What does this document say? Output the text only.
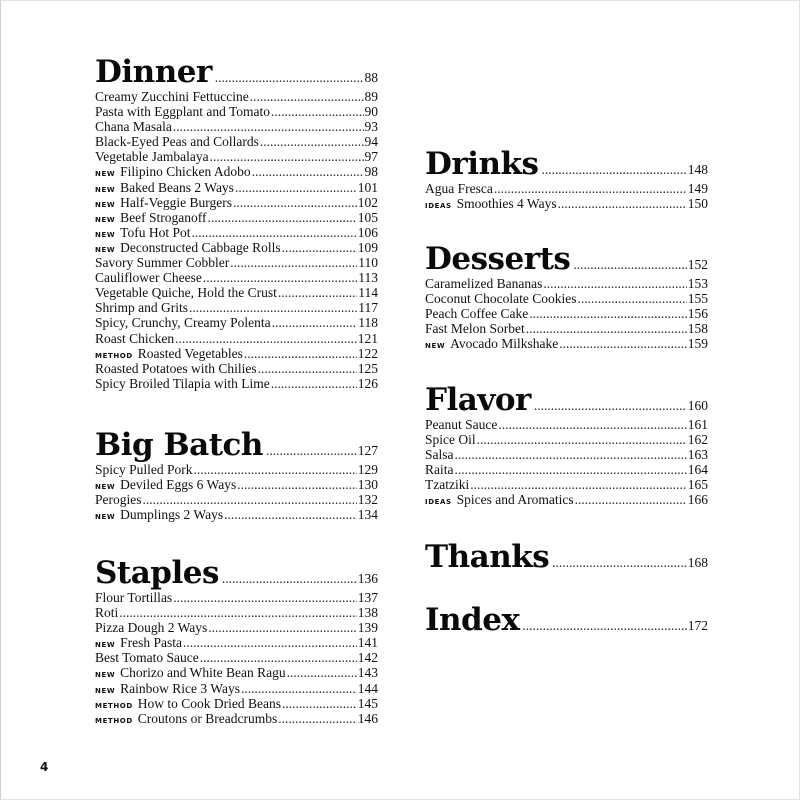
Dinner .....	88
Creamy Zucchini Fettuccine .....	89
Pasta with Eggplant and Tomato .....	90
Chana Masala .....	93
Black-Eyed Peas and Collards .....	94
Vegetable Jambalaya .....	97
NEW Filipino Chicken Adobo .....	98
NEW Baked Beans 2 Ways .....	101
NEW Half-Veggie Burgers .....	102
NEW Beef Stroganoff .....	105
NEW Tofu Hot Pot .....	106
NEW Deconstructed Cabbage Rolls .....	109
Savory Summer Cobbler .....	110
Cauliflower Cheese .....	113
Vegetable Quiche, Hold the Crust .....	114
Shrimp and Grits .....	117
Spicy, Crunchy, Creamy Polenta .....	118
Roast Chicken .....	121
METHOD Roasted Vegetables .....	122
Roasted Potatoes with Chilies .....	125
Spicy Broiled Tilapia with Lime .....	126
Big Batch .....	127
Spicy Pulled Pork .....	129
NEW Deviled Eggs 6 Ways .....	130
Perogies .....	132
NEW Dumplings 2 Ways .....	134
Staples .....	136
Flour Tortillas .....	137
Roti .....	138
Pizza Dough 2 Ways .....	139
NEW Fresh Pasta .....	141
Best Tomato Sauce .....	142
NEW Chorizo and White Bean Ragu .....	143
NEW Rainbow Rice 3 Ways .....	144
METHOD How to Cook Dried Beans .....	145
METHOD Croutons or Breadcrumbs .....	146
Drinks .....	148
Agua Fresca .....	149
IDEAS Smoothies 4 Ways .....	150
Desserts .....	152
Caramelized Bananas .....	153
Coconut Chocolate Cookies .....	155
Peach Coffee Cake .....	156
Fast Melon Sorbet .....	158
NEW Avocado Milkshake .....	159
Flavor .....	160
Peanut Sauce .....	161
Spice Oil .....	162
Salsa .....	163
Raita .....	164
Tzatziki .....	165
IDEAS Spices and Aromatics .....	166
Thanks .....	168
Index .....	172
4
